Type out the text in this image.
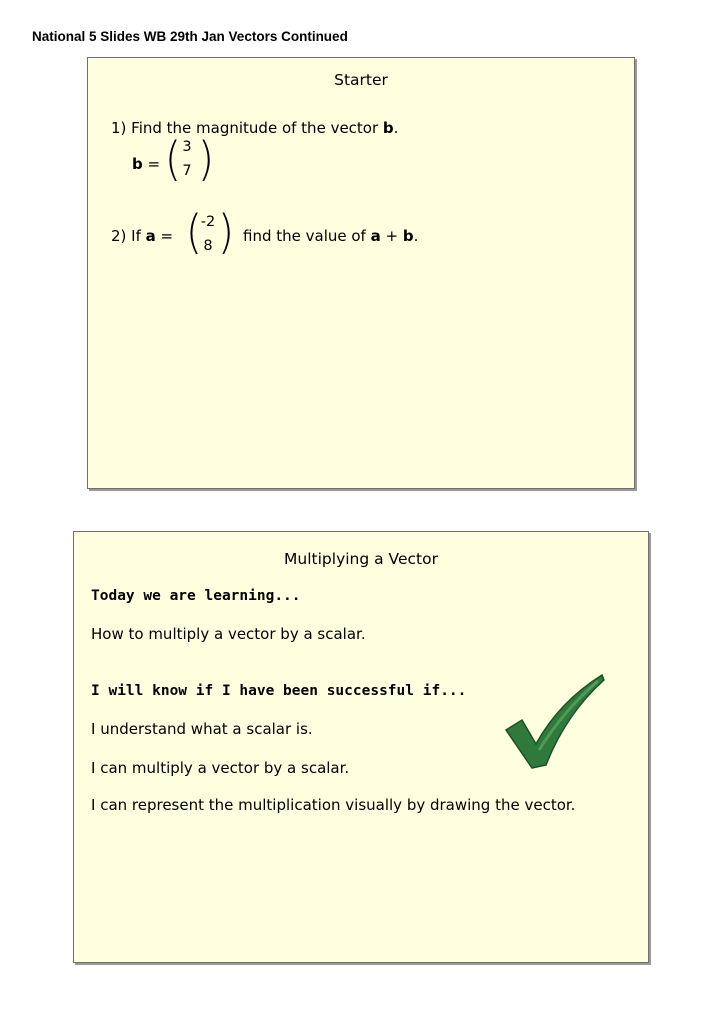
National 5 Slides WB 29th Jan Vectors Continued
Starter
1) Find the magnitude of the vector b.
b = ( 3
7 )
2) If a = (
-2
8 ) find the value of a + b.
Multiplying a Vector
Today we are learning...
How to multiply a vector by a scalar.
I will know if I have been successful if...
I understand what a scalar is.
I can multiply a vector by a scalar.
I can represent the multiplication visually by drawing the vector.
